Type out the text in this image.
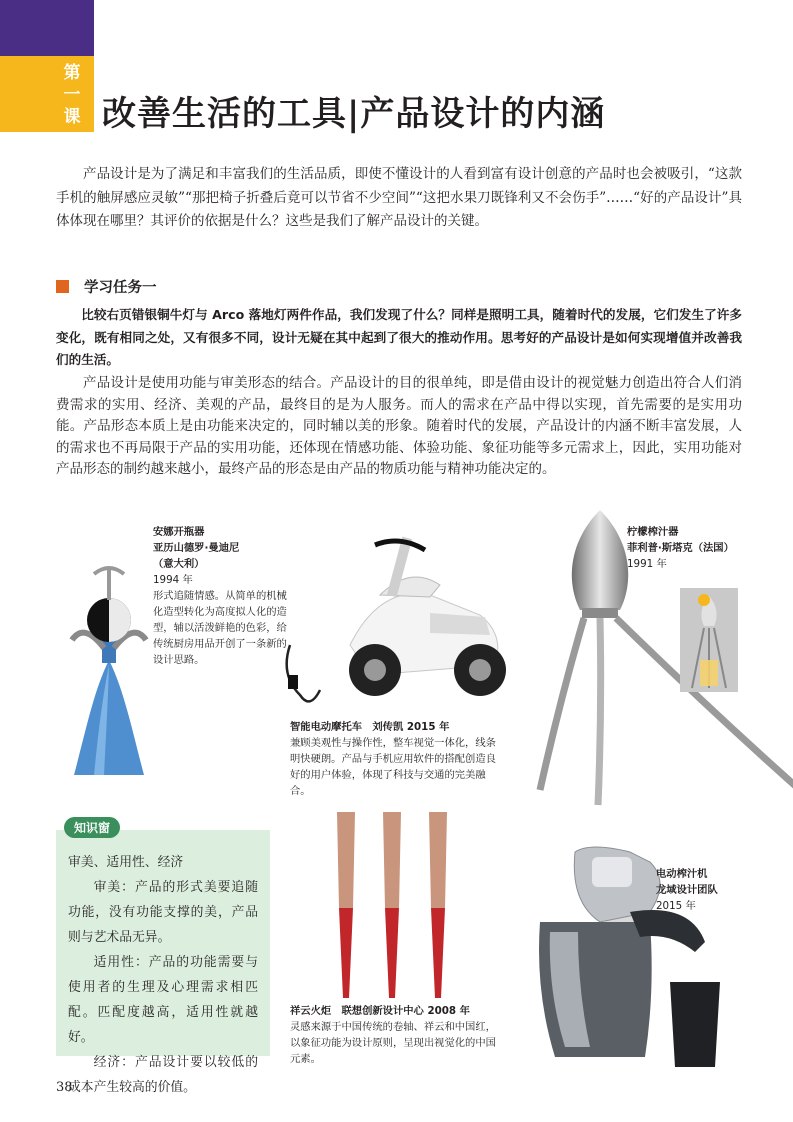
第
一
课 改善生活的工具|产品设计的内涵

产品设计是为了满足和丰富我们的生活品质，即使不懂设计的人看到富有设计创意的产品时也会被吸引，“这款手机的触屏感应灵敏”“那把椅子折叠后竟可以节省不少空间”“这把水果刀既锋利又不会伤手”……“好的产品设计”具体体现在哪里？其评价的依据是什么？这些是我们了解产品设计的关键。

学习任务一

比较右页错银铜牛灯与 Arco 落地灯两件作品，我们发现了什么？同样是照明工具，随着时代的发展，它们发生了许多变化，既有相同之处，又有很多不同，设计无疑在其中起到了很大的推动作用。思考好的产品设计是如何实现增值并改善我们的生活。

产品设计是使用功能与审美形态的结合。产品设计的目的很单纯，即是借由设计的视觉魅力创造出符合人们消费需求的实用、经济、美观的产品，最终目的是为人服务。而人的需求在产品中得以实现，首先需要的是实用功能。产品形态本质上是由功能来决定的，同时辅以美的形象。随着时代的发展，产品设计的内涵不断丰富发展，人的需求也不再局限于产品的实用功能，还体现在情感功能、体验功能、象征功能等多元需求上，因此，实用功能对产品形态的制约越来越小，最终产品的形态是由产品的物质功能与精神功能决定的。

安娜开瓶器
亚历山德罗·曼迪尼
（意大利）
1994 年
形式追随情感。从简单的机械化造型转化为高度拟人化的造型，辅以活泼鲜艳的色彩，给传统厨房用品开创了一条新的设计思路。
智能电动摩托车　刘传凯 2015 年
兼顾美观性与操作性，整车视觉一体化，线条明快硬朗。产品与手机应用软件的搭配创造良好的用户体验，体现了科技与交通的完美融合。
柠檬榨汁器
菲利普·斯塔克（法国）
1991 年
祥云火炬　联想创新设计中心 2008 年
灵感来源于中国传统的卷轴、祥云和中国红，以象征功能为设计原则，呈现出视觉化的中国元素。
电动榨汁机
龙域设计团队
2015 年

审美、适用性、经济

审美：产品的形式美要追随功能，没有功能支撑的美，产品则与艺术品无异。

适用性：产品的功能需要与使用者的生理及心理需求相匹配。匹配度越高，适用性就越好。

经济：产品设计要以较低的成本产生较高的价值。

知识窗
38
